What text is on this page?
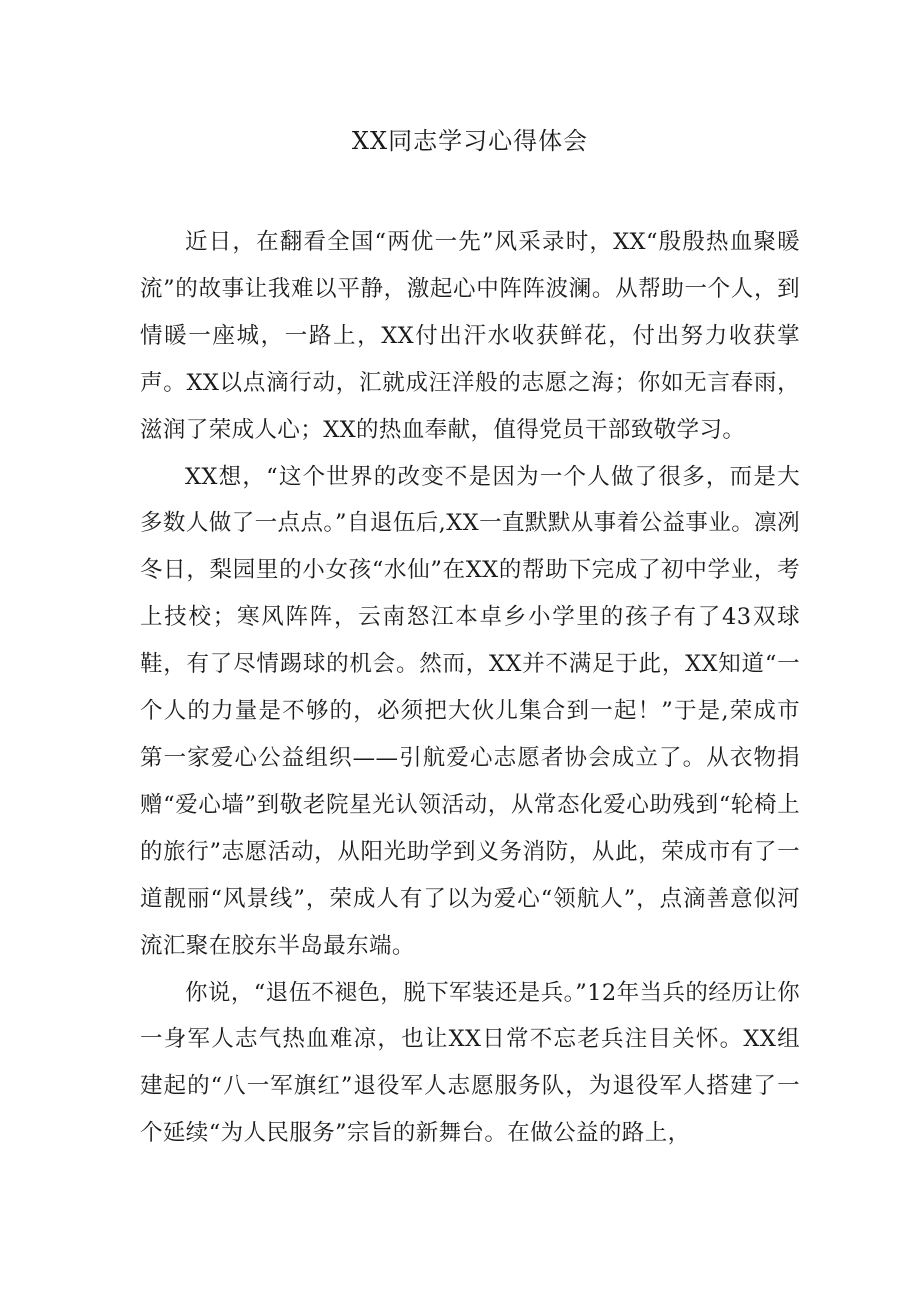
XX同志学习心得体会

近日，在翻看全国“两优一先”风采录时，XX“殷殷热血聚暖流”的故事让我难以平静，激起心中阵阵波澜。从帮助一个人，到情暖一座城，一路上，XX付出汗水收获鲜花，付出努力收获掌声。XX以点滴行动，汇就成汪洋般的志愿之海；你如无言春雨，滋润了荣成人心；XX的热血奉献，值得党员干部致敬学习。

XX想，“这个世界的改变不是因为一个人做了很多，而是大多数人做了一点点。”自退伍后,XX一直默默从事着公益事业。凛冽冬日，梨园里的小女孩“水仙”在XX的帮助下完成了初中学业，考上技校；寒风阵阵，云南怒江本卓乡小学里的孩子有了43双球鞋，有了尽情踢球的机会。然而，XX并不满足于此，XX知道“一个人的力量是不够的，必须把大伙儿集合到一起！”于是,荣成市第一家爱心公益组织——引航爱心志愿者协会成立了。从衣物捐赠“爱心墙”到敬老院星光认领活动，从常态化爱心助残到“轮椅上的旅行”志愿活动，从阳光助学到义务消防，从此，荣成市有了一道靓丽“风景线”，荣成人有了以为爱心“领航人”，点滴善意似河流汇聚在胶东半岛最东端。

你说，“退伍不褪色，脱下军装还是兵。”12年当兵的经历让你一身军人志气热血难凉，也让XX日常不忘老兵注目关怀。XX组建起的“八一军旗红”退役军人志愿服务队，为退役军人搭建了一个延续“为人民服务”宗旨的新舞台。在做公益的路上，
